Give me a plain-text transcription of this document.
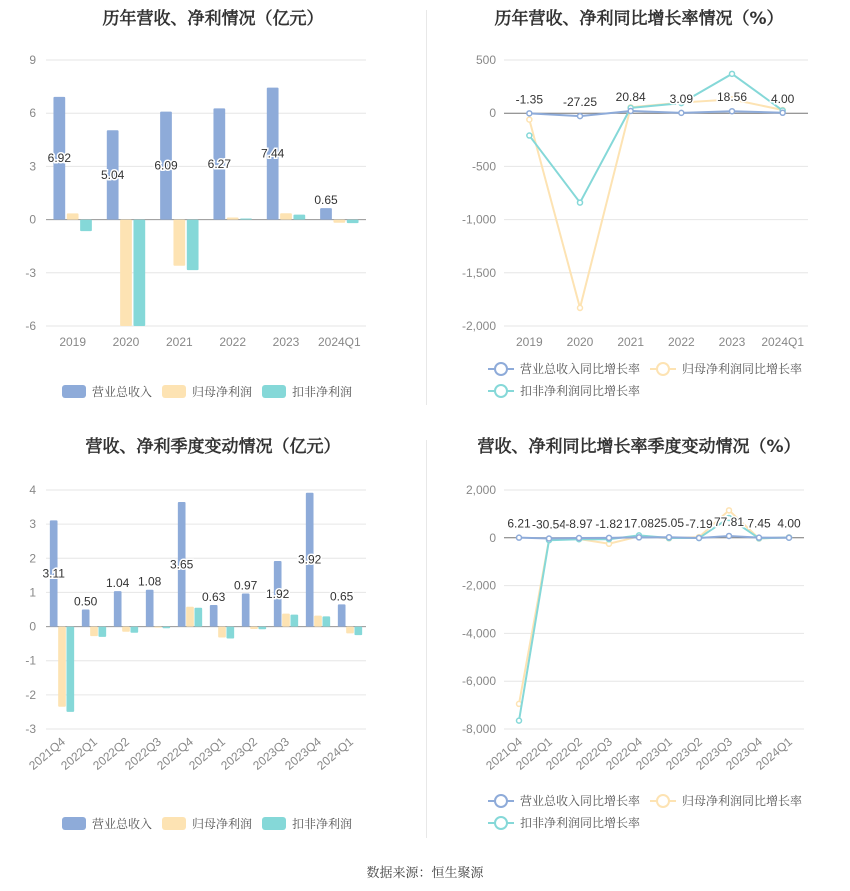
历年营收、净利情况（亿元）
9
6
3
0
-3
-6
6.92
2019
5.04
2020
6.09
2021
6.27
2022
7.44
2023
0.65
2024Q1
营业总收入	归母净利润	扣非净利润
历年营收、净利同比增长率情况（%）
500
0
-500
-1,000
-1,500
-2,000
-1.35
2019
-27.25
2020
20.84
2021
3.09
2022
18.56
2023
4.00
2024Q1
营业总收入同比增长率	归母净利润同比增长率
扣非净利润同比增长率
营收、净利季度变动情况（亿元）
4
3
2
1
0
-1
-2
-3
3.11
2021Q4
0.50
2022Q1
1.04
2022Q2
1.08
2022Q3
3.65
2022Q4
0.63
2023Q1
0.97
2023Q2
1.92
2023Q3
3.92
2023Q4
0.65
2024Q1
营业总收入	归母净利润	扣非净利润
营收、净利同比增长率季度变动情况（%）
2,000
0
-2,000
-4,000
-6,000
-8,000
6.21
2021Q4
-30.54
2022Q1
-8.97
2022Q2
-1.82
2022Q3
17.08
2022Q4
25.05
2023Q1
-7.19
2023Q2
77.81
2023Q3
7.45
2023Q4
4.00
2024Q1
营业总收入同比增长率	归母净利润同比增长率
扣非净利润同比增长率
数据来源：恒生聚源
